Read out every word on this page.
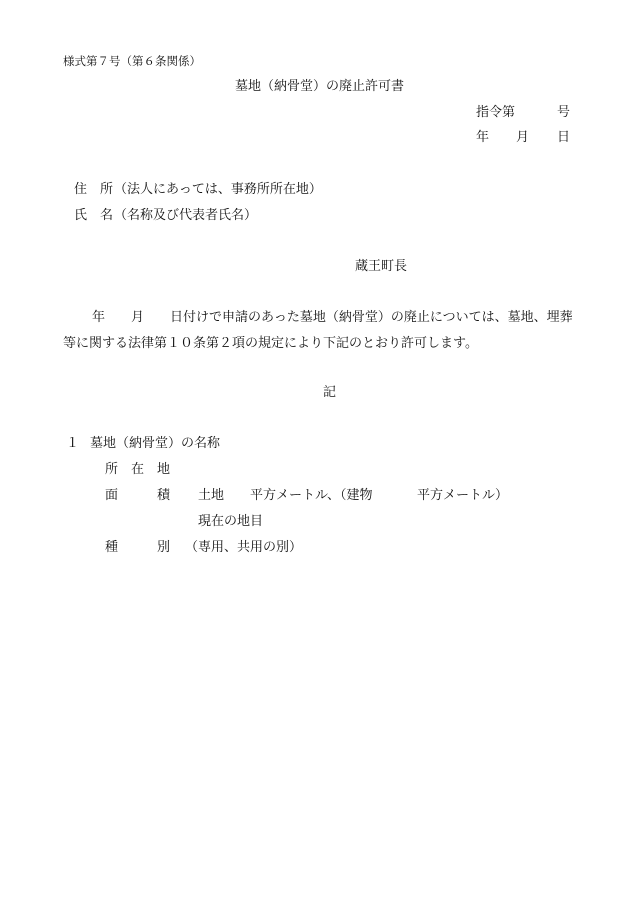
様式第７号（第６条関係）
墓地（納骨堂）の廃止許可書
指令第	号
年 月 日
住　所 （法人にあっては、事務所所在地）
氏　名 （名称及び代表者氏名）
蔵王町長
年 月 日付けで申請のあった墓地（納骨堂）の廃止については、墓地、埋葬
等に関する法律第１０条第２項の規定により下記のとおり許可します。
記
１ 墓地（納骨堂）の名称
所　在　地
面	積 土地 平方メートル、（建物	平方メートル）
現在の地目
種	別 （専用、共用の別）
